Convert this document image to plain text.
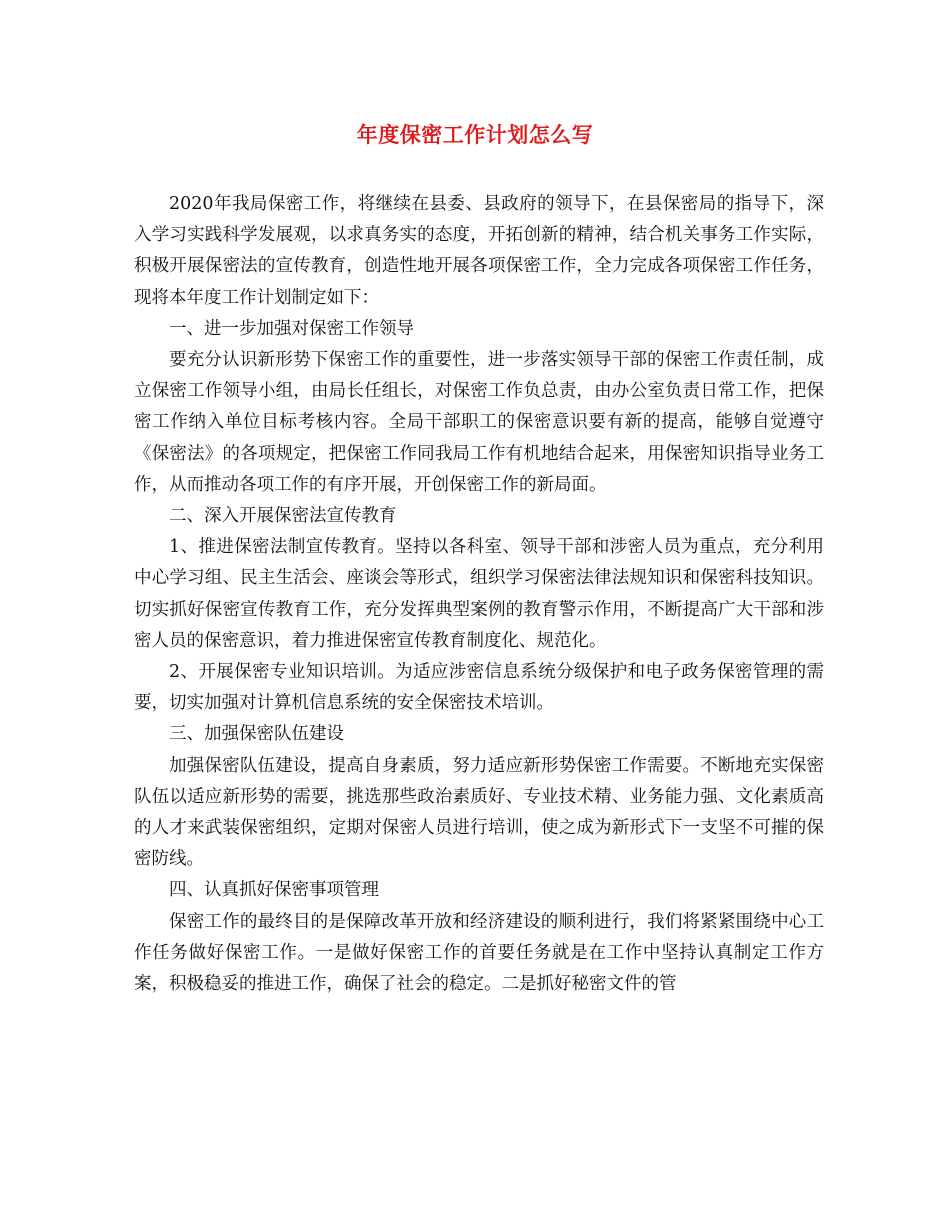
年度保密工作计划怎么写

2020年我局保密工作，将继续在县委、县政府的领导下，在县保密局的指导下，深入学习实践科学发展观，以求真务实的态度，开拓创新的精神，结合机关事务工作实际，积极开展保密法的宣传教育，创造性地开展各项保密工作，全力完成各项保密工作任务，现将本年度工作计划制定如下：

一、进一步加强对保密工作领导

要充分认识新形势下保密工作的重要性，进一步落实领导干部的保密工作责任制，成立保密工作领导小组，由局长任组长，对保密工作负总责，由办公室负责日常工作，把保密工作纳入单位目标考核内容。全局干部职工的保密意识要有新的提高，能够自觉遵守《保密法》的各项规定，把保密工作同我局工作有机地结合起来，用保密知识指导业务工作，从而推动各项工作的有序开展，开创保密工作的新局面。

二、深入开展保密法宣传教育

1、推进保密法制宣传教育。坚持以各科室、领导干部和涉密人员为重点，充分利用中心学习组、民主生活会、座谈会等形式，组织学习保密法律法规知识和保密科技知识。切实抓好保密宣传教育工作，充分发挥典型案例的教育警示作用，不断提高广大干部和涉密人员的保密意识，着力推进保密宣传教育制度化、规范化。

2、开展保密专业知识培训。为适应涉密信息系统分级保护和电子政务保密管理的需要，切实加强对计算机信息系统的安全保密技术培训。

三、加强保密队伍建设

加强保密队伍建设，提高自身素质，努力适应新形势保密工作需要。不断地充实保密队伍以适应新形势的需要，挑选那些政治素质好、专业技术精、业务能力强、文化素质高的人才来武装保密组织，定期对保密人员进行培训，使之成为新形式下一支坚不可摧的保密防线。

四、认真抓好保密事项管理

保密工作的最终目的是保障改革开放和经济建设的顺利进行，我们将紧紧围绕中心工作任务做好保密工作。一是做好保密工作的首要任务就是在工作中坚持认真制定工作方案，积极稳妥的推进工作，确保了社会的稳定。二是抓好秘密文件的管
